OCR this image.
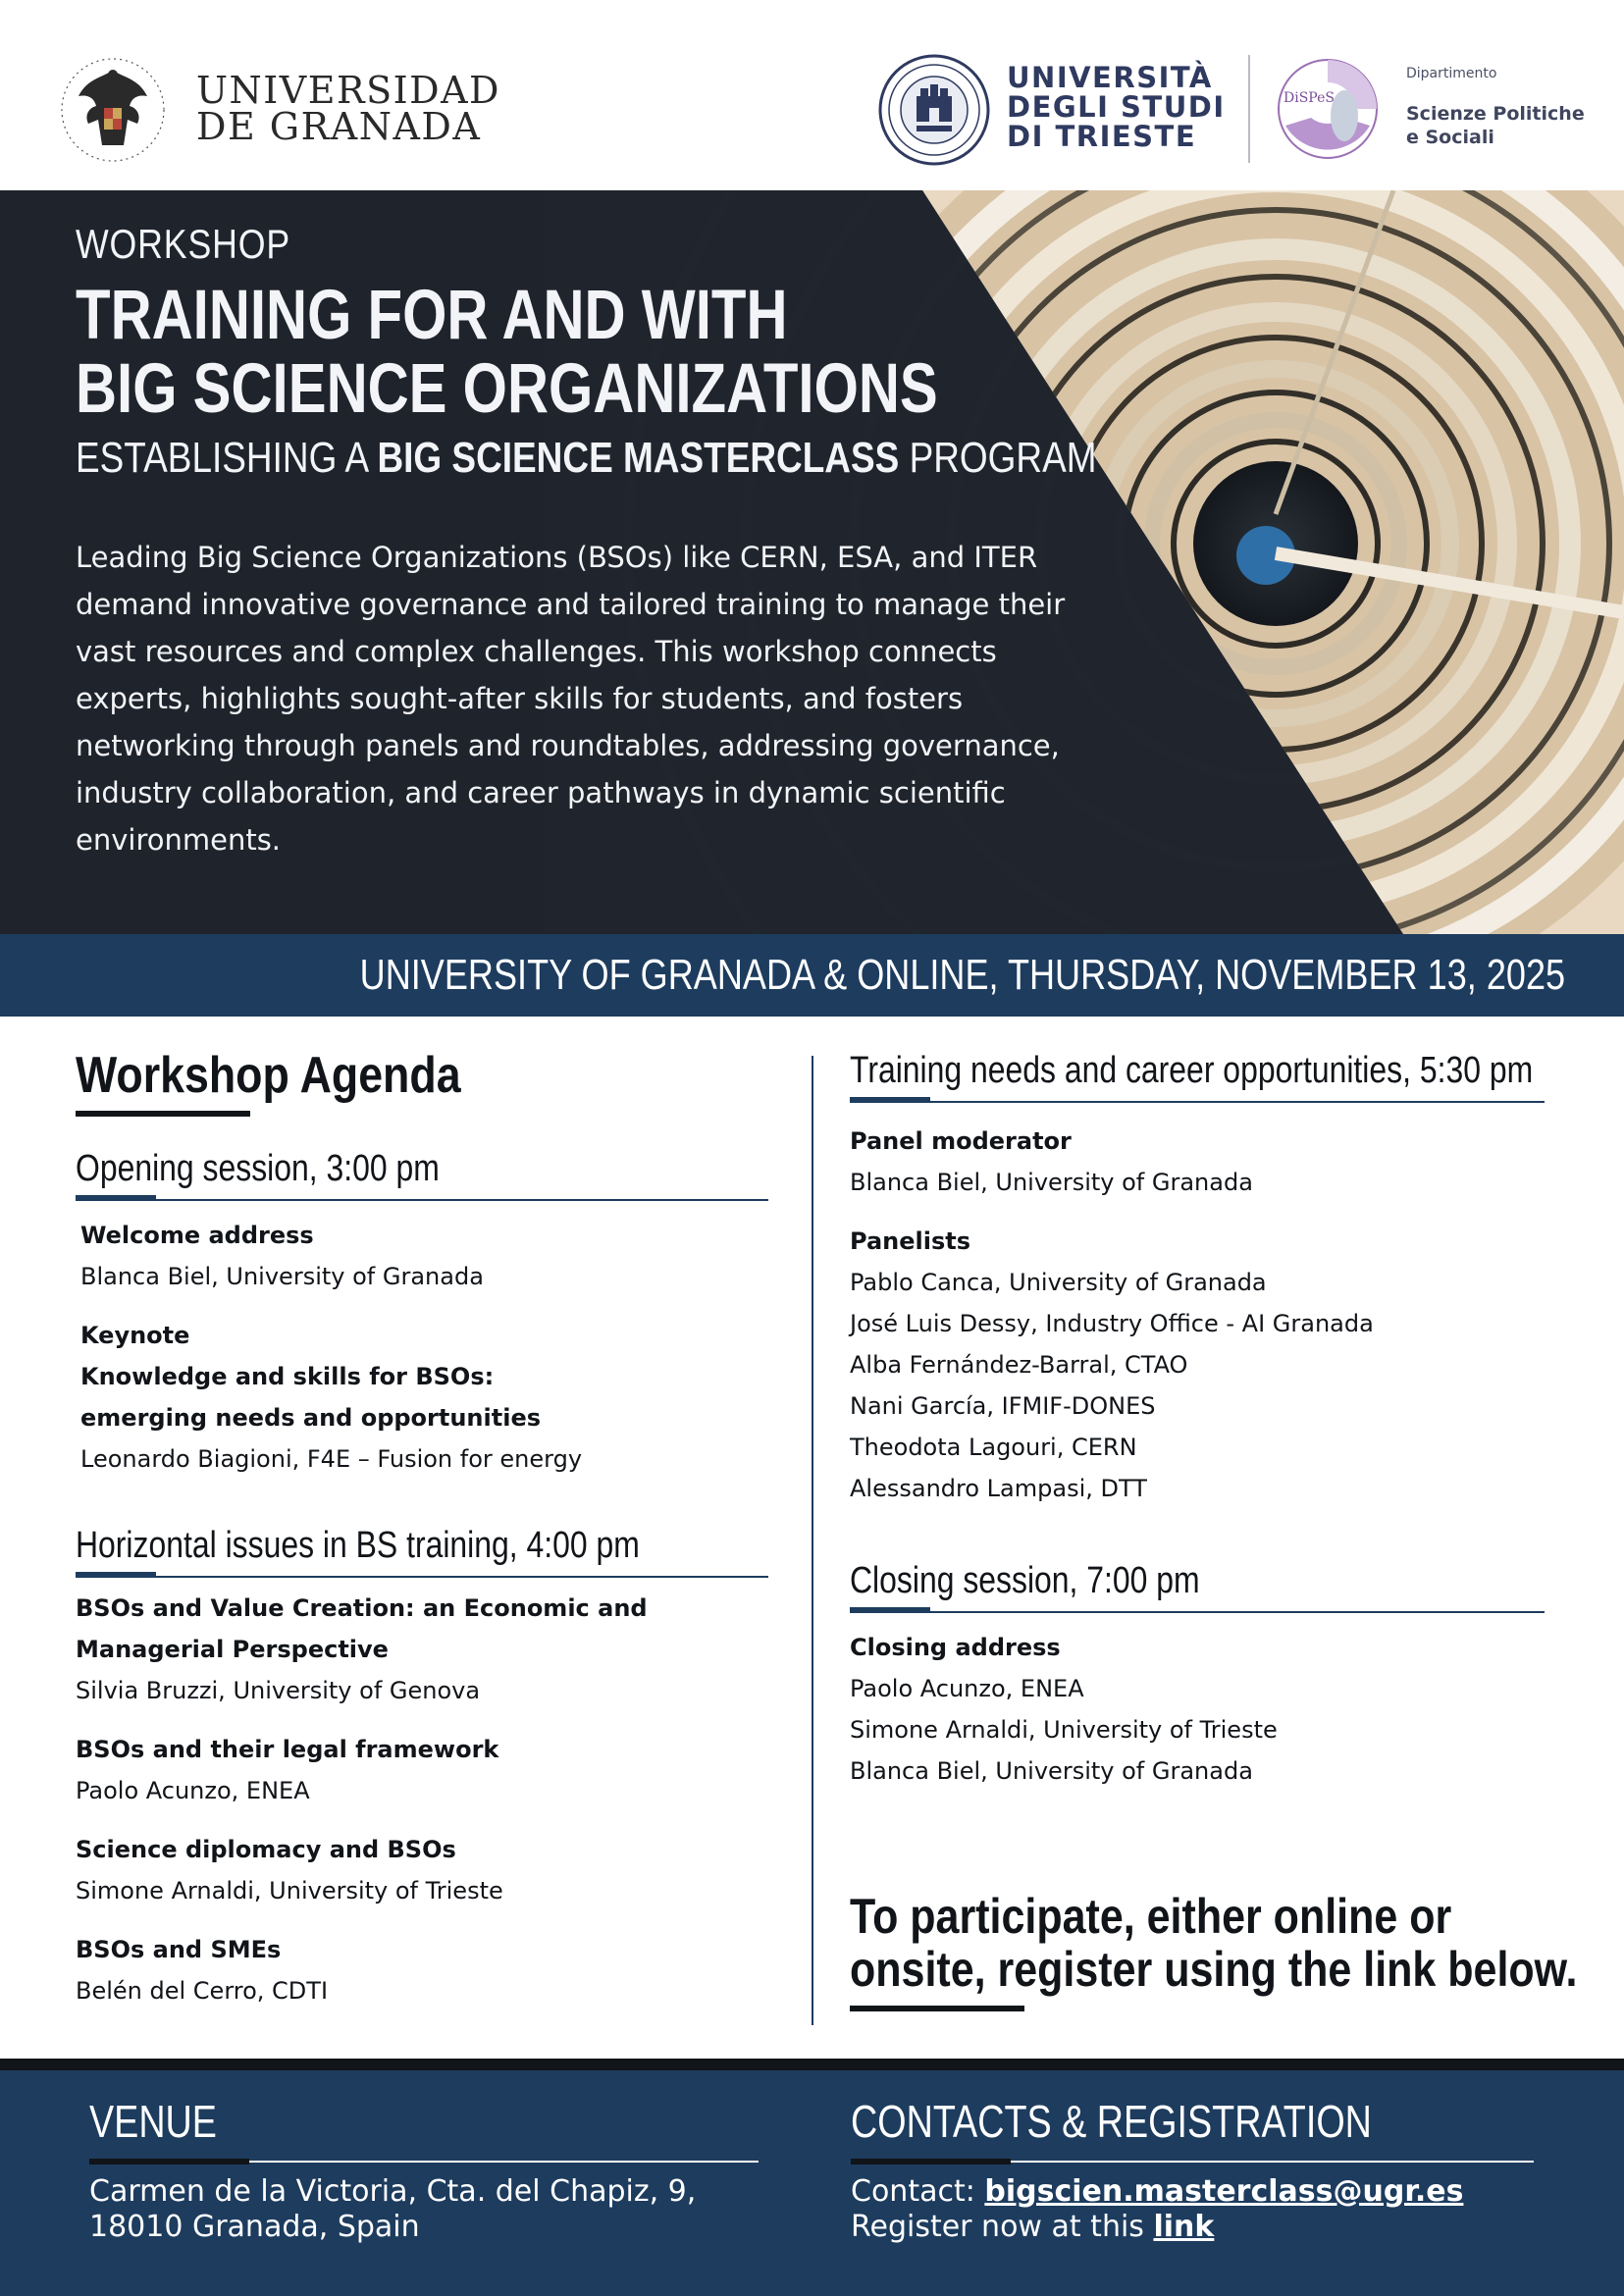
UNIVERSIDAD
DE GRANADA
UNIVERSITÀ
DEGLI STUDI
DI TRIESTE
DiSPeS
Dipartimento
Scienze Politiche
e Sociali
WORKSHOP
TRAINING FOR AND WITH
BIG SCIENCE ORGANIZATIONS
ESTABLISHING A BIG SCIENCE MASTERCLASS PROGRAM

Leading Big Science Organizations (BSOs) like CERN, ESA, and ITER demand innovative governance and tailored training to manage their vast resources and complex challenges. This workshop connects experts, highlights sought-after skills for students, and fosters networking through panels and roundtables, addressing governance, industry collaboration, and career pathways in dynamic scientific environments.

UNIVERSITY OF GRANADA & ONLINE, THURSDAY, NOVEMBER 13, 2025
Workshop Agenda
Opening session, 3:00 pm
Welcome address
Blanca Biel, University of Granada
Keynote
Knowledge and skills for BSOs:
emerging needs and opportunities
Leonardo Biagioni, F4E – Fusion for energy
Horizontal issues in BS training, 4:00 pm
BSOs and Value Creation: an Economic and
Managerial Perspective
Silvia Bruzzi, University of Genova
BSOs and their legal framework
Paolo Acunzo, ENEA
Science diplomacy and BSOs
Simone Arnaldi, University of Trieste
BSOs and SMEs
Belén del Cerro, CDTI
Training needs and career opportunities, 5:30 pm
Panel moderator
Blanca Biel, University of Granada
Panelists
Pablo Canca, University of Granada
José Luis Dessy, Industry Office - AI Granada
Alba Fernández-Barral, CTAO
Nani García, IFMIF-DONES
Theodota Lagouri, CERN
Alessandro Lampasi, DTT
Closing session, 7:00 pm
Closing address
Paolo Acunzo, ENEA
Simone Arnaldi, University of Trieste
Blanca Biel, University of Granada
To participate, either online or
onsite, register using the link below.
VENUE
Carmen de la Victoria, Cta. del Chapiz, 9,
18010 Granada, Spain
CONTACTS & REGISTRATION
Contact: bigscien.masterclass@ugr.es
Register now at this link
